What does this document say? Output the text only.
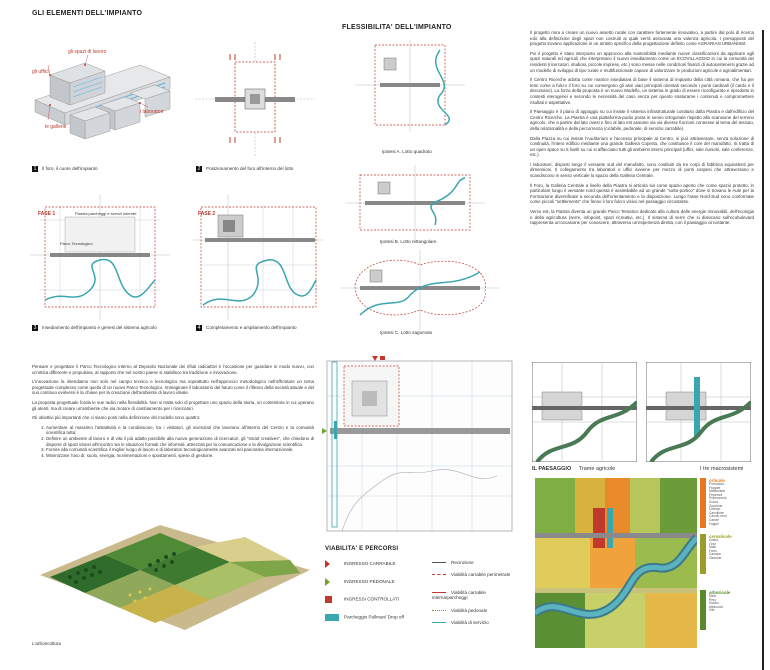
GLI ELEMENTI DELL'IMPIANTO
gli uffici
gli spazi di lavoro
i laboratori
le gallerie
1 Il foro, il cuore dell'impianto	2 Posizionamento del foro all'interno del lotto
FASE 1	Piastra parcheggi e servizi interrati
Parco Tecnologico
FASE 2
3 Insediamento dell'impianto e genesi del sistema agricolo	4 Completamento e ampliamento dell'impianto
FLESSIBILITA' DELL'IMPIANTO
Ipotesi A. Lotto quadrato
Ipotesi B. Lotto rettangolare
Ipotesi C. Lotto sagomato

Il progetto mira a creare un nuovo assetto rurale con carattere fortemente innovativo, a partire dal polo di ricerca edo alla definizione degli spazi non costruiti ai quali verrà associata una valenza agricola. I presupposti del progetto trovano applicazione in un ambito specifico della progettazione definito come AGRARIAN URBANISM.

Poi il progetto è stato interposto un approccio alla sostenibilità mediante nuove classificazioni da applicare agli spazi naturali ed agricoli che interpretano il nuovo insediamento come un ECOVILLAGGIO in cui la comunità dei residenti (ricercatori, studiosi, piccole imprese, etc.) sono messe nelle condizioni finanzi di autosostenersi grazie ad un modello di sviluppo di tipo rurale e multifunzionale capace di valorizzare le produzioni agricole e agroalimentari.

Il Centro Ricerche adotta come matrice insediativa di base il sistema di impianto della città romana, che ha per temi come a fulcro il foro su cui convergono gli assi viari principali orientati secondo i punti cardinali (il cardo e il decumano). La forza della proposta è un nuovo Modello, un sistema in grado di essere riconfigurato e riprodotto in contesti eterogenei e secondo le necessità del caso senza per questo snaturarne i contenuti e compromettere risultati e aspettative.

Il Paesaggio è il piano di appoggio su cui insiste il sistema infrastrutturale costituito dalla Piastra e dall'edificio del Centro Ricerche. La Piastra è una piattaforma-podio posta in senso ortogonale rispetto alla scansione del terreno agricolo, che a partire dal lato ovest e fino al lato est assume via via diverse funzioni connesse al tema del tessuto, della relazionalità e della percorrenza (ciclabile, pedonale, di servizio carrabile).

Dalla Piazza su cui insiste l'Auditorium e l'accesso principale al Centro, si può attraversare, senza soluzione di continuità, l'intero edificio mediante una grande Galleria Coperta, che costituisce il core del manufatto. Si tratta di un open space su 5 livelli su cui si affacciano tutti gli ambienti interni principali (uffici, sale riunioni, sale conferenze, etc.).

I laboratori, disposti lungo il versante sud del manufatto, sono costituiti da tre corpi di fabbrica equivalenti per dimensioni. Il collegamento tra laboratori e uffici avviene per mezzo di ponti sospesi che attraversano e scandiscono in senso verticale lo spazio della Galleria Centrale.

Il Foro, la Galleria Centrale a livello della Piastra si articola sia come spazio aperto che come spazio protetto, in particolare lungo il versante nord questa è assimilabile ad un grande "sotto-portico" dove si trovano le Aule per la Formazione diversificate a seconda dell'orientamento e la disposizione. Lungo l'asse Nord-Sud sono conformate come piccoli "settlements" che fanno il loro fulcro visivo nel passaggio circostante.

Verso est, la Piastra diventa un grande Parco Tematico dedicato alla cultura delle energie rinnovabili, dell'ecologia e della agricoltura (serre, infopoint, spazi ricreativi, etc.). Il sistema di serre che si dislocano sull'ecobulevard rappresenta un'occasione per conoscere, attraverso un'esperienza diretta, con il passaggio circostante.

Pensare e progettare il Parco Tecnologico interno al Deposito Nazionale dei rifiuti radioattivi è l'occasione per guardare in modo nuovo, con un'ottica differente e propulsiva, al rapporto che nel nostro paese si stabilisce tra tradizione e innovazione.

L'innovazione la intendiamo non solo nel campo tecnico e tecnologico ma soprattutto nell'approccio metodologico nell'affrontare un tema progettuale complesso come quello di un nuovo Parco Tecnologico. Immaginare il laboratorio del futuro come il riflesso della società attuale e del suo continuo evolversi è la chiave per la creazione dell'ambiente di lavoro ideale.

La proposta progettuale fonda le sue radici nella flessibilità. Non si tratta solo di progettare uno spazio della storia, un contenitore in cui operano gli utenti, ma di creare un'ambiente che sia motore di cambiamento per i ricercatori.

Gli obiettivi più importanti che ci siamo posti nella definizione del modello sono quattro:

1. Aumentare al massimo l'attrattività e la condivisione, tra i visitatori, gli scienziati che lavorano all'interno del Centro e la comunità scientifica tutta;
2. Definire un ambiente di lavoro e di vita il più adatto possibile alla nuova generazione di ricercatori, gli "smart creatives", che chiedono di disporre di spazi idonei all'incontro sia in situazioni formali che informali, attrezzati per la comunicazione e la divulgazione scientifica.
3. Fornire alla comunità scientifica il miglior luogo di lavoro e di laboratori tecnologicamente avanzati nel panorama internazionale;
4. Minimizzare l'uso di: suolo, energia, movimentazioni e spostamenti, spese di gestione.
L'arboricoltura
VIABILITA' E PERCORSI
INGRESSO CARRABILE
INGRESSO PEDONALE
INGRESSI CONTROLLATI
Parcheggio Pullman/ Drop off
Recinzione
Viabilità carrabile perimetrale
Viabilità carrabile interna/parcheggi
Viabilità pedonale
Viabilità di servizio
IL PAESAGGIO Trame agricole	I tre macrosistemi
orticole
Pomodoro
Fragole
Melanzane
Peperoni
Peperoncini
Zucca
Zucchine
Cetriolo
Cavolfiore
Cavolo nero
Carote
Fagioli
cerealicole
Grano
Orzo
Mais
Farro
Canapa
Girasole
arboricole
Melo
Pero
Susino
Albicocco
Vite
